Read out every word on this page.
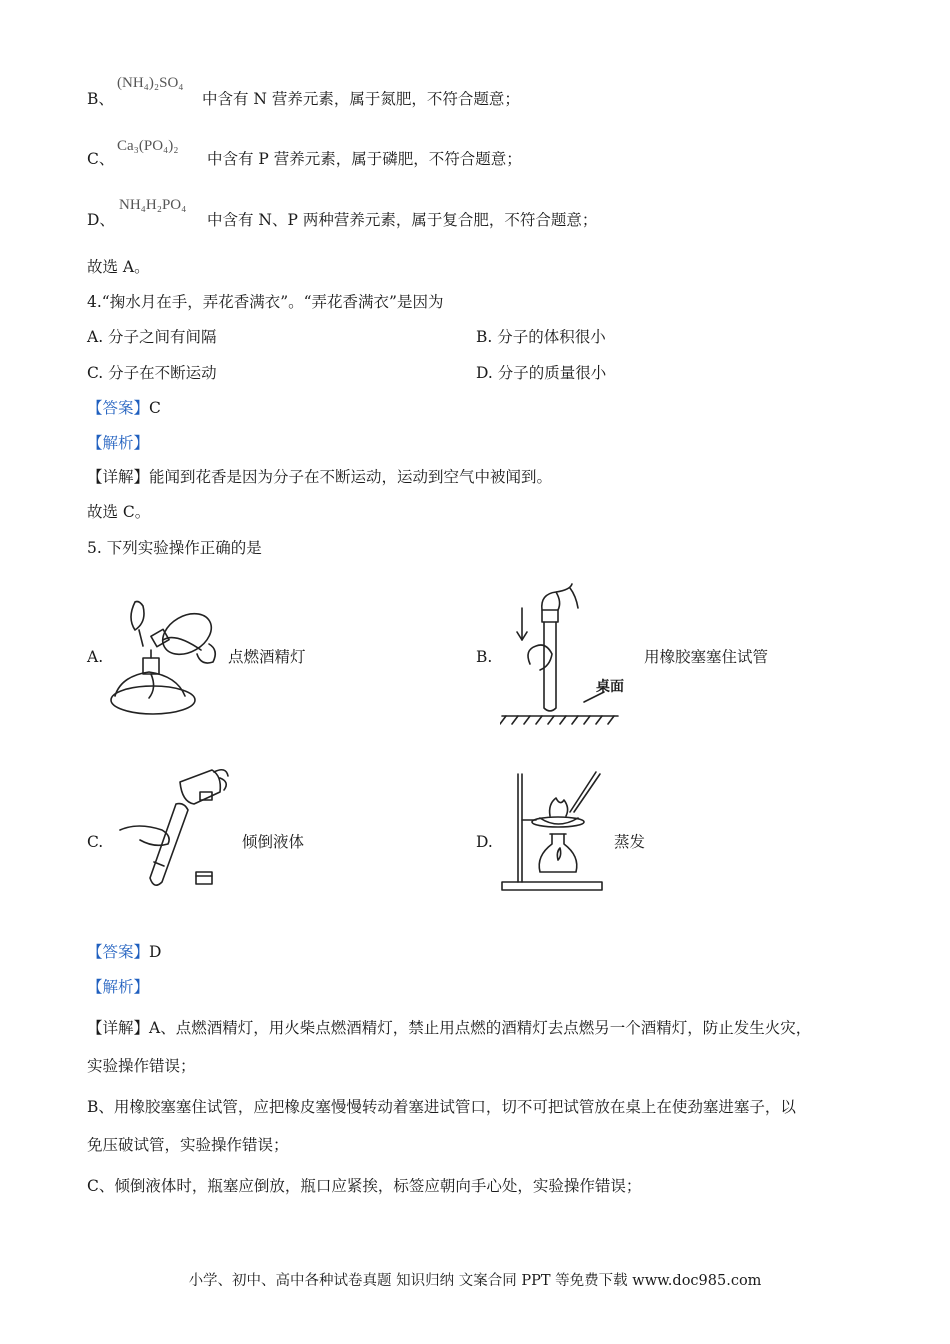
B、
(NH₄)₂SO₄
中含有 N 营养元素，属于氮肥，不符合题意；
C、
Ca₃(PO₄)₂
中含有 P 营养元素，属于磷肥，不符合题意；
D、
NH₄H₂PO₄
中含有 N、P 两种营养元素，属于复合肥，不符合题意；
故选 A。
4.“掬水月在手，弄花香满衣”。“弄花香满衣”是因为
A. 分子之间有间隔	B. 分子的体积很小
C. 分子在不断运动	D. 分子的质量很小
【答案】C
【解析】
【详解】能闻到花香是因为分子在不断运动，运动到空气中被闻到。
故选 C。
5. 下列实验操作正确的是
A.	点燃酒精灯	B.
桌面
用橡胶塞塞住试管
C.	倾倒液体	D.	蒸发
【答案】D
【解析】
【详解】A、点燃酒精灯，用火柴点燃酒精灯，禁止用点燃的酒精灯去点燃另一个酒精灯，防止发生火灾，
实验操作错误；
B、用橡胶塞塞住试管，应把橡皮塞慢慢转动着塞进试管口，切不可把试管放在桌上在使劲塞进塞子，以
免压破试管，实验操作错误；
C、倾倒液体时，瓶塞应倒放，瓶口应紧挨，标签应朝向手心处，实验操作错误；
小学、初中、高中各种试卷真题 知识归纳 文案合同 PPT 等免费下载 www.doc985.com
